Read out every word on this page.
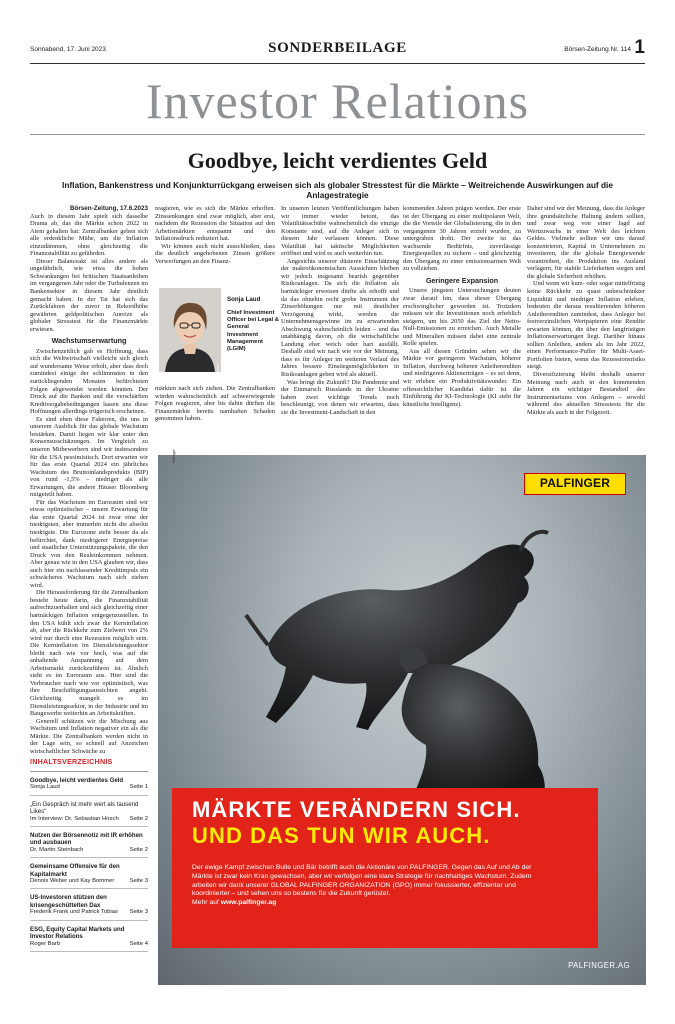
Sonnabend, 17. Juni 2023	SONDERBEILAGE	Börsen-Zeitung Nr. 114 1
Investor Relations
Goodbye, leicht verdientes Geld
Inflation, Bankenstress und Konjunkturrückgang erweisen sich als globaler Stresstest für die Märkte – Weitreichende Auswirkungen auf die Anlagestrategie

Börsen-Zeitung, 17.6.2023

Auch in diesem Jahr spielt sich dasselbe Drama ab, das die Märkte schon 2022 in Atem gehalten hat: Zentralbanker geben sich alle erdenkliche Mühe, um die Inflation einzudämmen, ohne gleichzeitig die Finanzstabilität zu gefährden.

Dieser Balanceakt ist alles andere als ungefährlich, wie etwa die hohen Schwankungen bei britischen Staatsanleihen im vergangenen Jahr oder die Turbulenzen im Bankensektor in diesem Jahr deutlich gemacht haben. In der Tat hat sich das Zurückfahren der zuvor in Rekordhöhe gewährten geldpolitischen Anreize als globaler Stresstest für die Finanzmärkte erwiesen.

Wachstumserwartung

Zwischenzeitlich gab es Hoffnung, dass sich die Weltwirtschaft vielleicht sich gleich auf wundersame Weise erholt, aber dass doch zumindest einige der schlimmsten in den zurückliegenden Monaten befürchteten Folgen abgewendet werden könnten. Der Druck auf die Banken und die verschärften Kreditvergabebedingungen lassen uns diese Hoffnungen allerdings trügerisch erscheinen.

Es sind eben diese Faktoren, die uns in unserem Ausblick für das globale Wachstum bestärken. Damit liegen wir klar unter den Konsensusschätzungen. Im Vergleich zu unseren Mitbewerbern sind wir insbesondere für die USA pessimistisch. Dort erwarten wir für das erste Quartal 2024 ein jährliches Wachstum des Bruttoinlandsprodukts (BIP) von rund -1,5% – niedriger als alle Erwartungen, die andere Häuser Bloomberg mitgeteilt haben.

Für das Wachstum im Euroraum sind wir etwas optimistischer – unsere Erwartung für das erste Quartal 2024 ist zwar eine der niedrigsten, aber immerhin nicht die absolut niedrigste. Die Eurozone steht besser da als befürchtet, dank niedrigerer Energiepreise und staatlicher Unterstützungspakete, die den Druck von den Realeinkommen nehmen. Aber genau wie in den USA glauben wir, dass auch hier ein nachlassender Kreditimpuls ein schwächeres Wachstum nach sich ziehen wird.

Die Herausforderung für die Zentralbanken besteht heute darin, die Finanzstabilität aufrechtzuerhalten und sich gleichzeitig einer hartnäckigen Inflation entgegenzustellen. In den USA kühlt sich zwar die Kerninflation ab, aber die Rückkehr zum Zielwert von 2% wird nur durch eine Rezession möglich sein. Die Kerninflation im Dienstleistungssektor bleibt nach wie vor hoch, was auf die anhaltende Anspannung auf dem Arbeitsmarkt zurückzuführen ist. Ähnlich sieht es im Euroraum aus. Hier sind die Verbraucher nach wie vor optimistisch, was ihre Beschäftigungsaussichten angeht. Gleichzeitig mangelt es im Dienstleistungssektor, in der Industrie und im Baugewerbe weiterhin an Arbeitskräften.

Generell schätzen wir die Mischung aus Wachstum und Inflation negativer ein als die Märkte. Die Zentralbanken werden nicht in der Lage sein, so schnell auf Anzeichen wirtschaftlicher Schwäche zu

reagieren, wie es sich die Märkte erhoffen. Zinssenkungen sind zwar möglich, aber erst, nachdem die Rezession die Situation auf den Arbeitsmärkten entspannt und den Inflationsdruck reduziert hat.

Wir können auch nicht ausschließen, dass die deutlich angehobenen Zinsen größere Verwerfungen an den Finanz-

Christian Kaiser
Sonja Laud
Chief Investment Officer bei Legal & General Investment Management (LGIM)

märkten nach sich ziehen. Die Zentralbanken würden wahrscheinlich auf schwerwiegende Folgen reagieren, aber bis dahin dürften die Finanzmärkte bereits namhaften Schaden genommen haben.

In unseren letzten Veröffentlichungen haben wir immer wieder betont, das Volatilitätsschübe wahrscheinlich die einzige Konstante sind, auf die Anleger sich in diesem Jahr verlassen können. Diese Volatilität hat taktische Möglichkeiten eröffnet und wird es auch weiterhin tun.

Angesichts unserer düsteren Einschätzung der makroökonomischen Aussichten bleiben wir jedoch insgesamt bearish gegenüber Risikoanlagen. Da sich die Inflation als hartnäckiger erweisen dürfte als erhofft und da das ohnehin recht grobe Instrument der Zinserhöhungen nur mit deutlicher Verzögerung wirkt, werden die Unternehmensgewinne im zu erwartenden Abschwung wahrscheinlich leiden – und das unabhängig davon, ob die wirtschaftliche Landung eher weich oder hart ausfällt. Deshalb sind wir nach wie vor der Meinung, dass es für Anleger im weiteren Verlauf des Jahres bessere Einstiegsmöglichkeiten in Risikoanlagen geben wird als aktuell.

Was bringt die Zukunft? Die Pandemie und der Einmarsch Russlands in der Ukraine haben zwei wichtige Trends noch beschleunigt, von denen wir erwarten, dass sie die Investment-Landschaft in den

kommenden Jahren prägen werden. Der erste ist der Übergang zu einer multipolaren Welt, die die Vorteile der Globalisierung, die in den vergangenen 30 Jahren erzielt wurden, zu untergraben droht. Der zweite ist das wachsende Bedürfnis, zuverlässige Energiequellen zu sichern – und gleichzeitig den Übergang zu einer emissionsarmen Welt zu vollziehen.

Geringere Expansion

Unsere jüngsten Untersuchungen deuten zwar darauf hin, dass dieser Übergang erschwinglicher geworden ist. Trotzdem müssen wir die Investitionen noch erheblich steigern, um bis 2050 das Ziel der Netto-Null-Emissionen zu erreichen. Auch Metalle und Mineralien müssen dabei eine zentrale Rolle spielen.

Aus all diesen Gründen sehen wir die Märkte vor geringeren Wachstum, höherer Inflation, durchweg höheren Anleiherenditen und niedrigeren Aktienerträgen – es sei denn, wir erleben ein Produktivitätswunder. Ein offensichtlicher Kandidat dafür ist die Einführung der KI-Technologie (KI steht für künstliche Intelligenz).

Daher sind wir der Meinung, dass die Anleger ihre grundsätzliche Haltung ändern sollten, und zwar weg von einer Jagd auf Wertzuwachs in einer Welt des leichten Geldes. Vielmehr sollten wir uns darauf konzentrieren, Kapital in Unternehmen zu investieren, die die globale Energiewende vorantreiben, die Produktion ins Ausland verlagern, für stabile Lieferketten sorgen und die globale Sicherheit erhöhen.

Und wenn wir kurz- oder sogar mittelfristig keine Rückkehr zu quasi unbeschränkter Liquidität und niedriger Inflation erleben, bedeuten die daraus resultierenden höheren Anleiherenditen zumindest, dass Anleger bei festverzinslichen Wertpapieren eine Rendite erwarten können, die über den langfristigen Inflationserwartungen liegt. Darüber hinaus sollten Anleihen, anders als im Jahr 2022, einen Performance-Puffer für Multi-Asset-Portfolien bieten, wenn das Rezessionsrisiko steigt.

Diversifizierung bleibt deshalb unserer Meinung nach auch in den kommenden Jahren ein wichtiger Bestandteil des Instrumentariums von Anlegern – sowohl während des aktuellen Stresstests für die Märkte als auch in der Folgezeit.

INHALTSVERZEICHNIS
Goodbye, leicht verdientes Geld
Sonja Laud	Seite 1
„Ein Gespräch ist mehr wert als tausend Likes“
Im Interview: Dr. Sebastian Hirsch Seite 2
Nutzen der Börsennotiz mit IR erhöhen und ausbauen
Dr. Martin Steinbach	Seite 2
Gemeinsame Offensive für den Kapitalmarkt
Dennis Weber und Kay Bommer	Seite 3
US-Investoren stützen den krisengeschüttelten Dax
Frederik Frank und Patrick Tobias Seite 3
ESG, Equity Capital Markets und Investor Relations
Roger Barb	Seite 4
Palfinger
PALFINGER
MÄRKTE VERÄNDERN SICH.
UND DAS TUN WIR AUCH.
Der ewige Kampf zwischen Bulle und Bär betrifft auch die Aktionäre von PALFINGER. Gegen das Auf und Ab der Märkte ist zwar kein Kran gewachsen, aber wir verfolgen eine klare Strategie für nachhaltiges Wachstum. Zudem arbeiten wir dank unserer GLOBAL PALFINGER ORGANIZATION (GPO) immer fokussierter, effizienter und koordinierter – und sehen uns so bestens für die Zukunft gerüstet.
Mehr auf www.palfinger.ag
PALFINGER.AG
